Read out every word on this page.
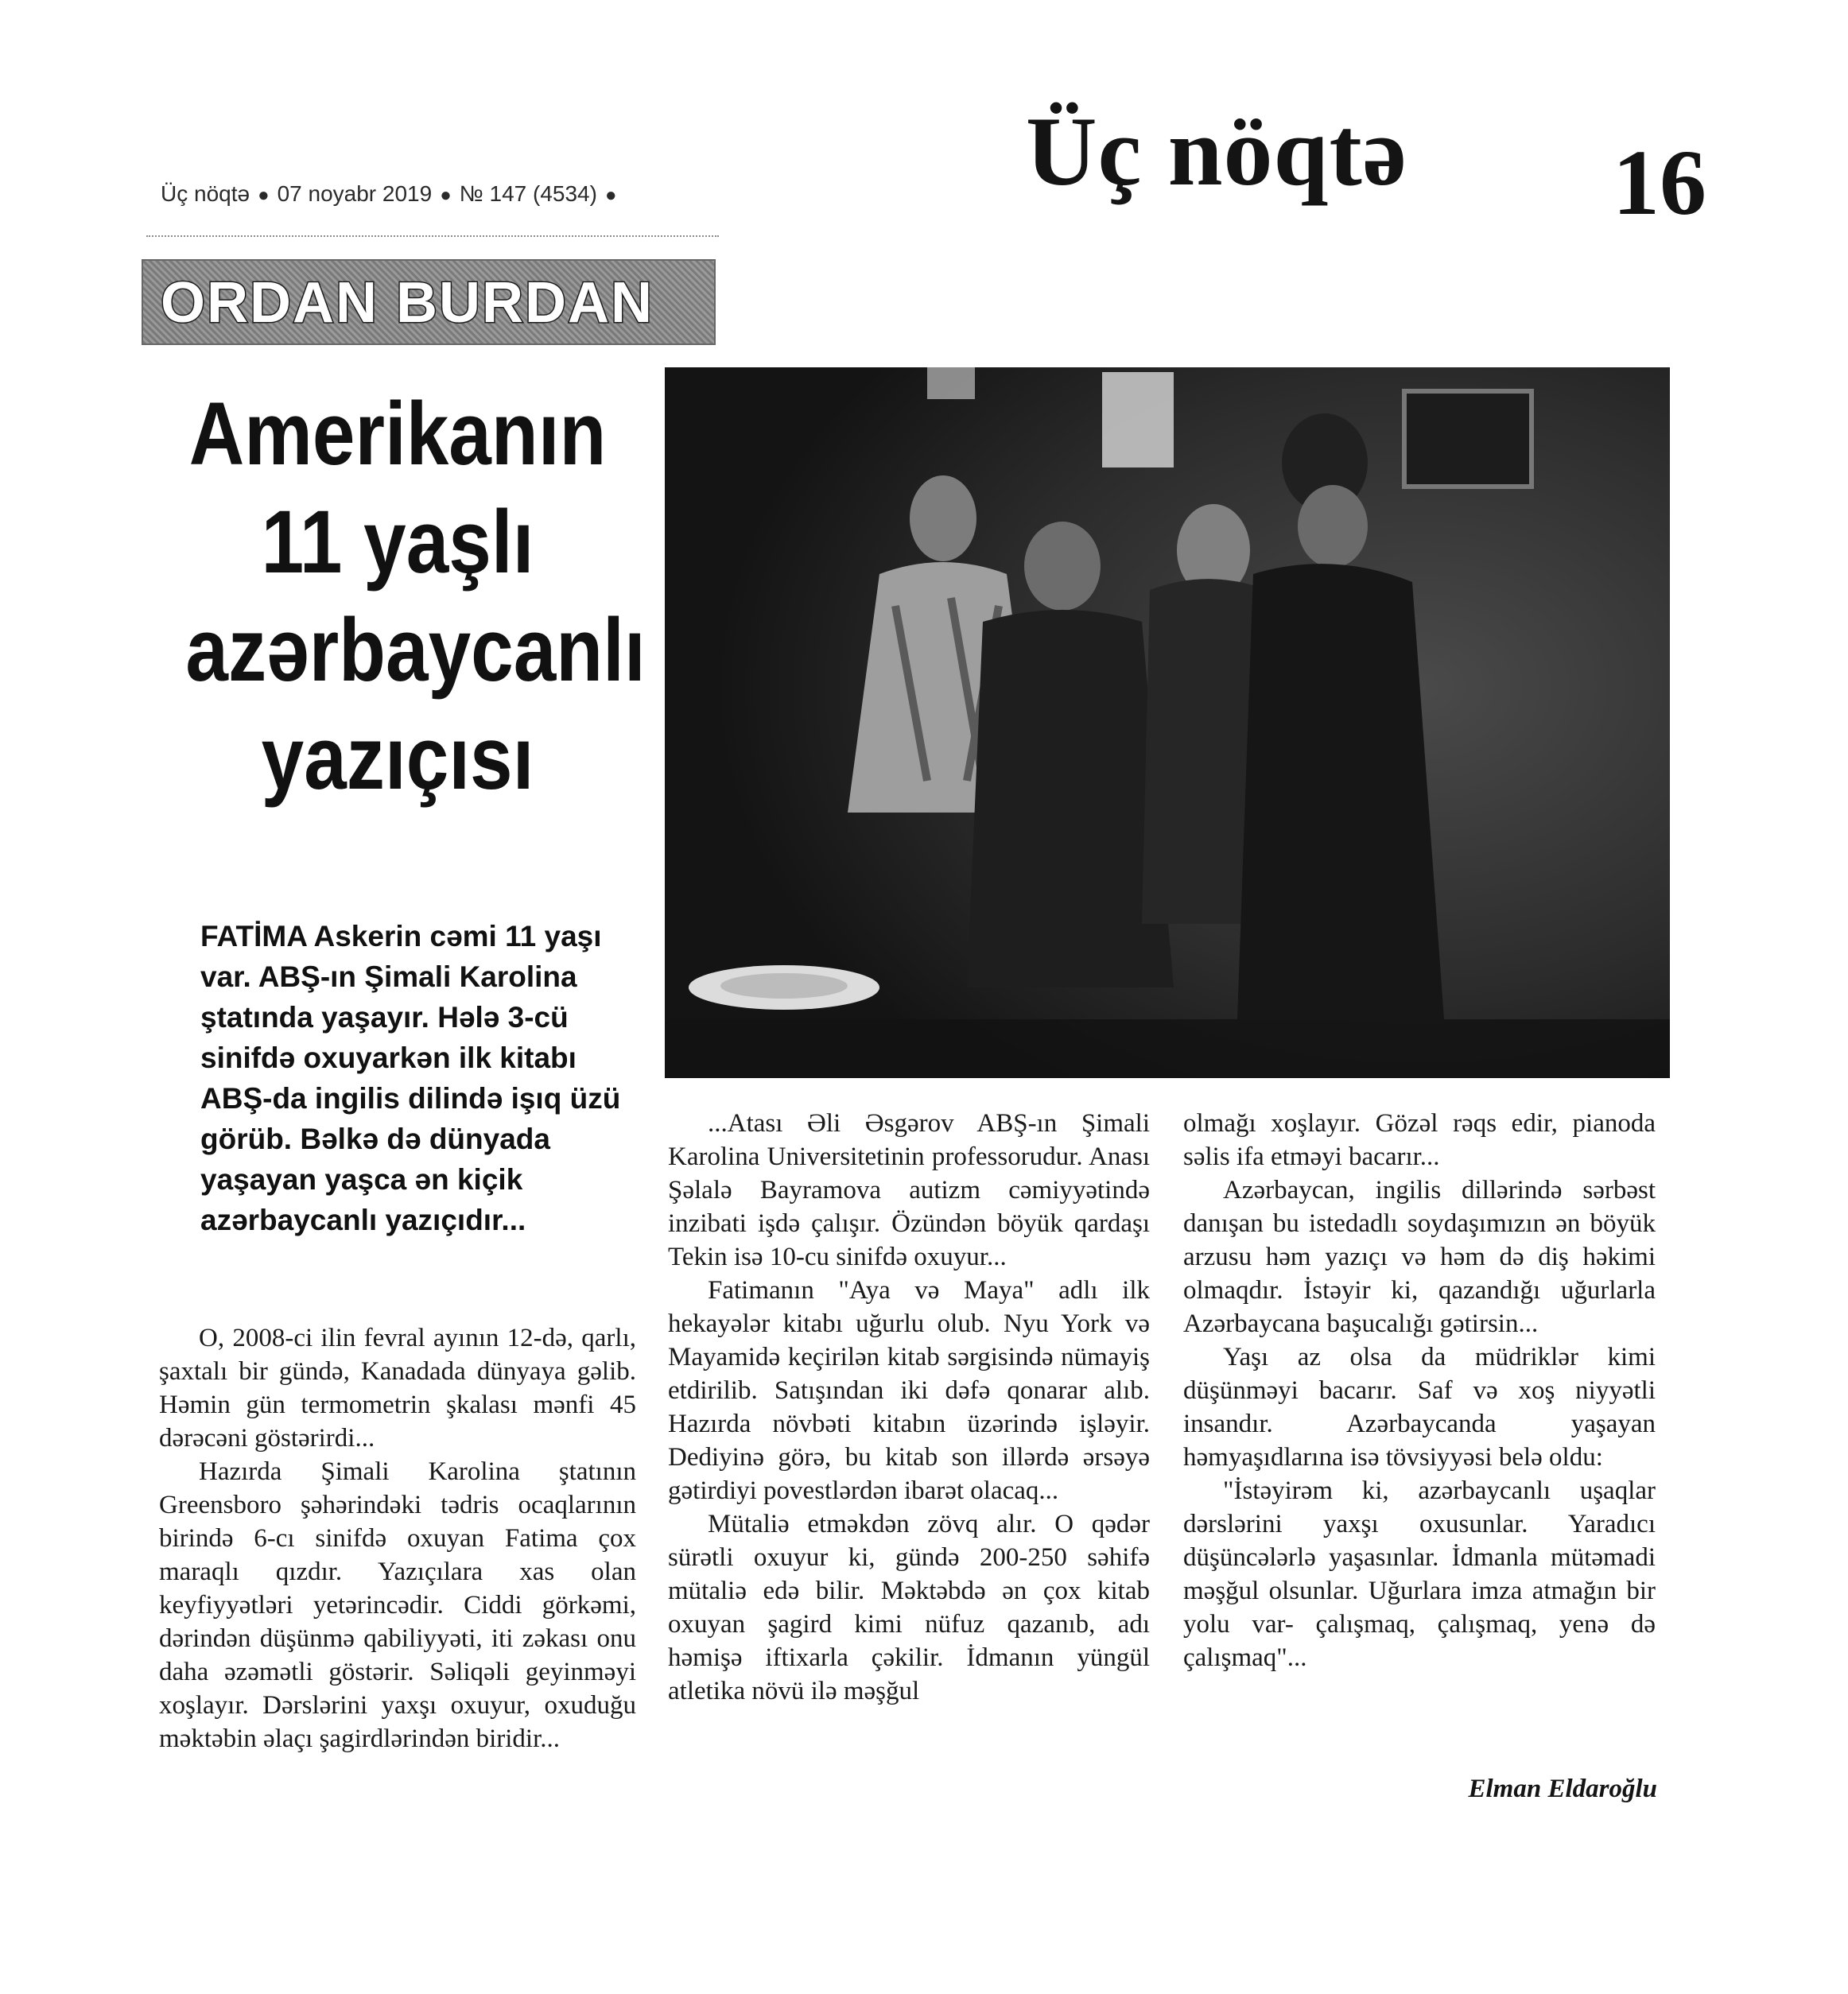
Üç nöqtə 16
Üç nöqtə ● 07 noyabr 2019 ● № 147 (4534) ●
ORDAN BURDAN
Amerikanın
11 yaşlı
azərbaycanlı
yazıçısı
FATİMA Askerin cəmi 11 yaşı var. ABŞ-ın Şimali Karolina ştatında yaşayır. Hələ 3-cü sinifdə oxuyarkən ilk kitabı ABŞ-da ingilis dilində işıq üzü görüb. Bəlkə də dünyada yaşayan yaşca ən kiçik azərbaycanlı yazıçıdır...

O, 2008-ci ilin fevral ayının 12-də, qarlı, şaxtalı bir gündə, Kanadada dünyaya gəlib. Həmin gün termometrin şkalası mənfi 45 dərəcəni göstərirdi...

Hazırda Şimali Karolina ştatının Greensboro şəhərindəki tədris ocaqlarının birində 6-cı sinifdə oxuyan Fatima çox maraqlı qızdır. Yazıçılara xas olan keyfiyyətləri yetərincədir. Ciddi görkəmi, dərindən düşünmə qabiliyyəti, iti zəkası onu daha əzəmətli göstərir. Səliqəli geyinməyi xoşlayır. Dərslərini yaxşı oxuyur, oxuduğu məktəbin əlaçı şagirdlərindən biridir...

...Atası Əli Əsgərov ABŞ-ın Şimali Karolina Universitetinin professorudur. Anası Şəlalə Bayramova autizm cəmiyyətində inzibati işdə çalışır. Özündən böyük qardaşı Tekin isə 10-cu sinifdə oxuyur...

Fatimanın "Aya və Maya" adlı ilk hekayələr kitabı uğurlu olub. Nyu York və Mayamidə keçirilən kitab sərgisində nümayiş etdirilib. Satışından iki dəfə qonarar alıb. Hazırda növbəti kitabın üzərində işləyir. Dediyinə görə, bu kitab son illərdə ərsəyə gətirdiyi povestlərdən ibarət olacaq...

Mütaliə etməkdən zövq alır. O qədər sürətli oxuyur ki, gündə 200-250 səhifə mütaliə edə bilir. Məktəbdə ən çox kitab oxuyan şagird kimi nüfuz qazanıb, adı həmişə iftixarla çəkilir. İdmanın yüngül atletika növü ilə məşğul

olmağı xoşlayır. Gözəl rəqs edir, pianoda səlis ifa etməyi bacarır...

Azərbaycan, ingilis dillərində sərbəst danışan bu istedadlı soydaşımızın ən böyük arzusu həm yazıçı və həm də diş həkimi olmaqdır. İstəyir ki, qazandığı uğurlarla Azərbaycana başucalığı gətirsin...

Yaşı az olsa da müdriklər kimi düşünməyi bacarır. Saf və xoş niyyətli insandır. Azərbaycanda yaşayan həmyaşıdlarına isə tövsiyyəsi belə oldu:

"İstəyirəm ki, azərbaycanlı uşaqlar dərslərini yaxşı oxusunlar. Yaradıcı düşüncələrlə yaşasınlar. İdmanla mütəmadi məşğul olsunlar. Uğurlara imza atmağın bir yolu var- çalışmaq, çalışmaq, yenə də çalışmaq"...

Elman Eldaroğlu
